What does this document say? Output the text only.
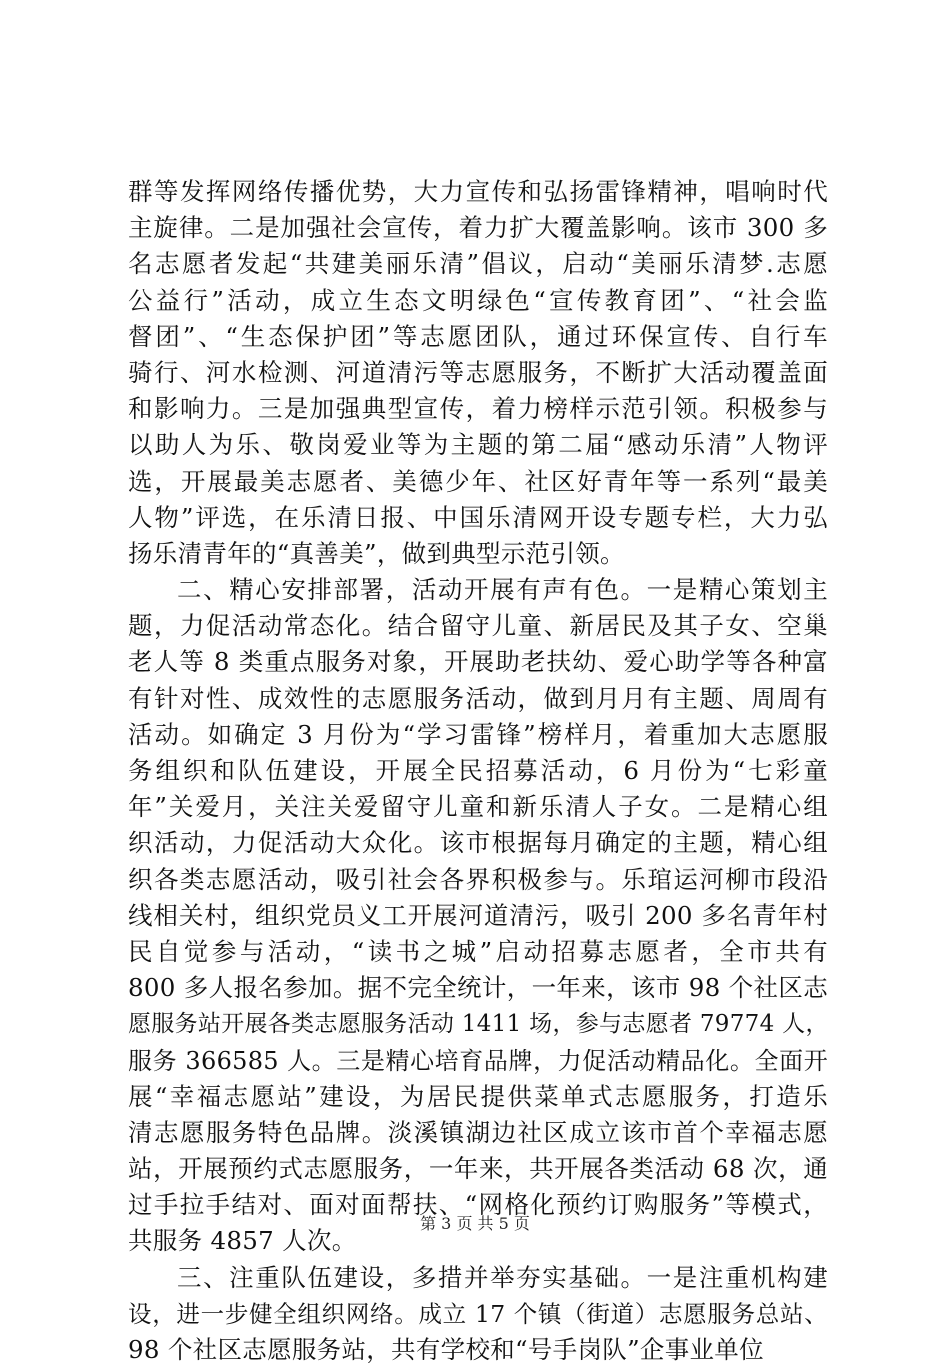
群等发挥网络传播优势，大力宣传和弘扬雷锋精神，唱响时代
主旋律。二是加强社会宣传，着力扩大覆盖影响。该市 300 多
名志愿者发起“共建美丽乐清”倡议，启动“美丽乐清梦.志愿
公益行”活动，成立生态文明绿色“宣传教育团”、“社会监
督团”、“生态保护团”等志愿团队，通过环保宣传、自行车
骑行、河水检测、河道清污等志愿服务，不断扩大活动覆盖面
和影响力。三是加强典型宣传，着力榜样示范引领。积极参与
以助人为乐、敬岗爱业等为主题的第二届“感动乐清”人物评
选，开展最美志愿者、美德少年、社区好青年等一系列“最美
人物”评选，在乐清日报、中国乐清网开设专题专栏，大力弘
扬乐清青年的“真善美”，做到典型示范引领。
二、精心安排部署，活动开展有声有色。一是精心策划主
题，力促活动常态化。结合留守儿童、新居民及其子女、空巢
老人等 8 类重点服务对象，开展助老扶幼、爱心助学等各种富
有针对性、成效性的志愿服务活动，做到月月有主题、周周有
活动。如确定 3 月份为“学习雷锋”榜样月，着重加大志愿服
务组织和队伍建设，开展全民招募活动，6 月份为“七彩童
年”关爱月，关注关爱留守儿童和新乐清人子女。二是精心组
织活动，力促活动大众化。该市根据每月确定的主题，精心组
织各类志愿活动，吸引社会各界积极参与。乐琯运河柳市段沿
线相关村，组织党员义工开展河道清污，吸引 200 多名青年村
民自觉参与活动，“读书之城”启动招募志愿者，全市共有
800 多人报名参加。据不完全统计，一年来，该市 98 个社区志
愿服务站开展各类志愿服务活动 1411 场，参与志愿者 79774 人，
服务 366585 人。三是精心培育品牌，力促活动精品化。全面开
展“幸福志愿站”建设，为居民提供菜单式志愿服务，打造乐
清志愿服务特色品牌。淡溪镇湖边社区成立该市首个幸福志愿
站，开展预约式志愿服务，一年来，共开展各类活动 68 次，通
过手拉手结对、面对面帮扶、“网格化预约订购服务”等模式，
共服务 4857 人次。
三、注重队伍建设，多措并举夯实基础。一是注重机构建
设，进一步健全组织网络。成立 17 个镇（街道）志愿服务总站、
98 个社区志愿服务站，共有学校和“号手岗队”企事业单位
第 3 页 共 5 页
